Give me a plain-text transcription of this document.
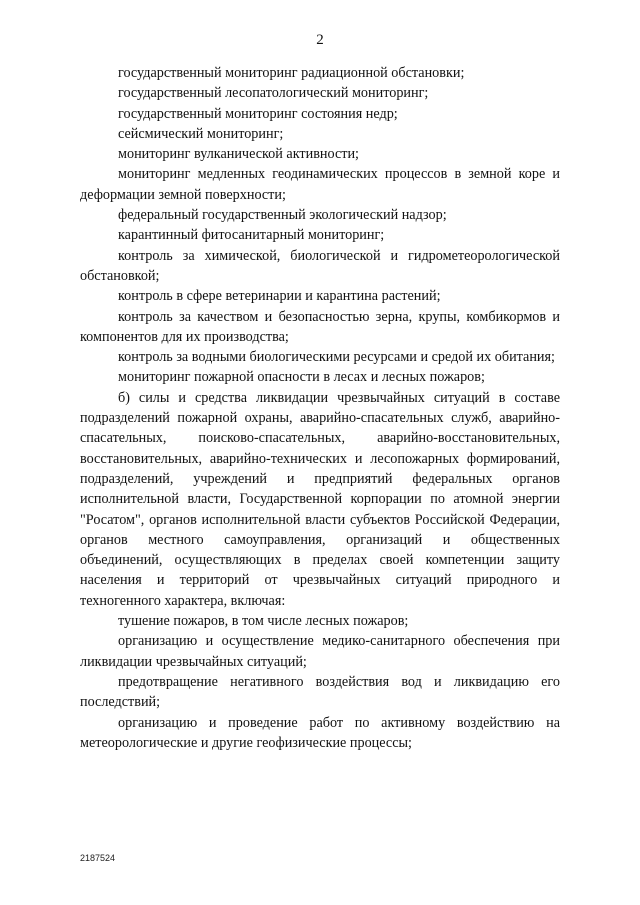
2

государственный мониторинг радиационной обстановки;

государственный лесопатологический мониторинг;

государственный мониторинг состояния недр;

сейсмический мониторинг;

мониторинг вулканической активности;

мониторинг медленных геодинамических процессов в земной коре и деформации земной поверхности;

федеральный государственный экологический надзор;

карантинный фитосанитарный мониторинг;

контроль за химической, биологической и гидрометеорологической обстановкой;

контроль в сфере ветеринарии и карантина растений;

контроль за качеством и безопасностью зерна, крупы, комбикормов и компонентов для их производства;

контроль за водными биологическими ресурсами и средой их обитания;

мониторинг пожарной опасности в лесах и лесных пожаров;

б) силы и средства ликвидации чрезвычайных ситуаций в составе подразделений пожарной охраны, аварийно-спасательных служб, аварийно-спасательных, поисково-спасательных, аварийно-восстановительных, восстановительных, аварийно-технических и лесопожарных формирований, подразделений, учреждений и предприятий федеральных органов исполнительной власти, Государственной корпорации по атомной энергии "Росатом", органов исполнительной власти субъектов Российской Федерации, органов местного самоуправления, организаций и общественных объединений, осуществляющих в пределах своей компетенции защиту населения и территорий от чрезвычайных ситуаций природного и техногенного характера, включая:

тушение пожаров, в том числе лесных пожаров;

организацию и осуществление медико-санитарного обеспечения при ликвидации чрезвычайных ситуаций;

предотвращение негативного воздействия вод и ликвидацию его последствий;

организацию и проведение работ по активному воздействию на метеорологические и другие геофизические процессы;

2187524
